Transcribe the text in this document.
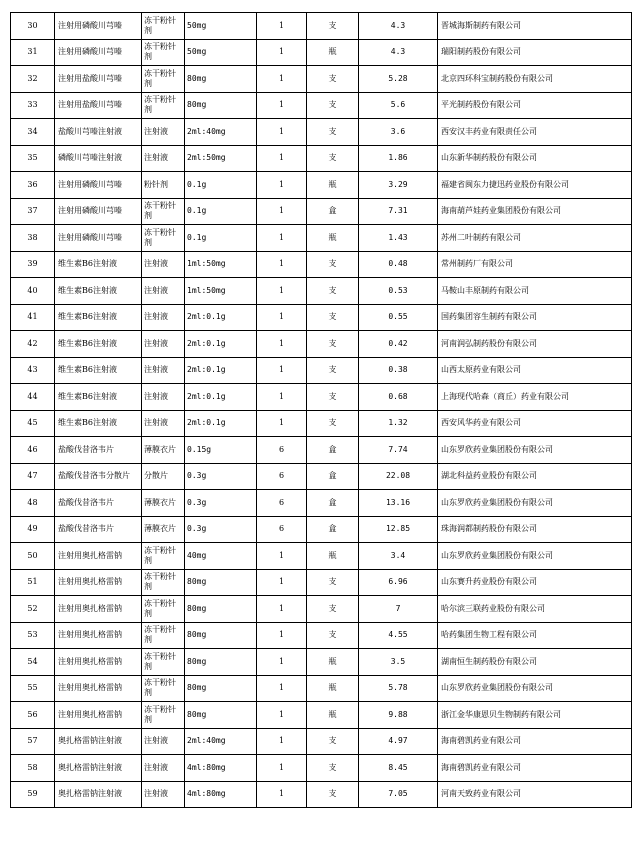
30	注射用磷酸川芎嗪	冻干粉针剂	50mg	1	支	4.3	晋城海斯制药有限公司
31	注射用磷酸川芎嗪	冻干粉针剂	50mg	1	瓶	4.3	瑞阳制药股份有限公司
32	注射用盐酸川芎嗪	冻干粉针剂	80mg	1	支	5.28	北京四环科宝制药股份有限公司
33	注射用盐酸川芎嗪	冻干粉针剂	80mg	1	支	5.6	平光制药股份有限公司
34	盐酸川芎嗪注射液	注射液	2ml:40mg	1	支	3.6	西安汉丰药业有限责任公司
35	磷酸川芎嗪注射液	注射液	2ml:50mg	1	支	1.86	山东新华制药股份有限公司
36	注射用磷酸川芎嗪	粉针剂	0.1g	1	瓶	3.29	福建省闽东力捷迅药业股份有限公司
37	注射用磷酸川芎嗪	冻干粉针剂	0.1g	1	盒	7.31	海南葫芦娃药业集团股份有限公司
38	注射用磷酸川芎嗪	冻干粉针剂	0.1g	1	瓶	1.43	苏州二叶制药有限公司
39	维生素B6注射液	注射液	1ml:50mg	1	支	0.48	常州制药厂有限公司
40	维生素B6注射液	注射液	1ml:50mg	1	支	0.53	马鞍山丰原制药有限公司
41	维生素B6注射液	注射液	2ml:0.1g	1	支	0.55	国药集团容生制药有限公司
42	维生素B6注射液	注射液	2ml:0.1g	1	支	0.42	河南润弘制药股份有限公司
43	维生素B6注射液	注射液	2ml:0.1g	1	支	0.38	山西太原药业有限公司
44	维生素B6注射液	注射液	2ml:0.1g	1	支	0.68	上海现代哈森（商丘）药业有限公司
45	维生素B6注射液	注射液	2ml:0.1g	1	支	1.32	西安风华药业有限公司
46	盐酸伐昔洛韦片	薄膜衣片	0.15g	6	盒	7.74	山东罗欣药业集团股份有限公司
47	盐酸伐昔洛韦分散片	分散片	0.3g	6	盒	22.08	湖北科益药业股份有限公司
48	盐酸伐昔洛韦片	薄膜衣片	0.3g	6	盒	13.16	山东罗欣药业集团股份有限公司
49	盐酸伐昔洛韦片	薄膜衣片	0.3g	6	盒	12.85	珠海润都制药股份有限公司
50	注射用奥扎格雷钠	冻干粉针剂	40mg	1	瓶	3.4	山东罗欣药业集团股份有限公司
51	注射用奥扎格雷钠	冻干粉针剂	80mg	1	支	6.96	山东赛升药业股份有限公司
52	注射用奥扎格雷钠	冻干粉针剂	80mg	1	支	7	哈尔滨三联药业股份有限公司
53	注射用奥扎格雷钠	冻干粉针剂	80mg	1	支	4.55	哈药集团生物工程有限公司
54	注射用奥扎格雷钠	冻干粉针剂	80mg	1	瓶	3.5	湖南恒生制药股份有限公司
55	注射用奥扎格雷钠	冻干粉针剂	80mg	1	瓶	5.78	山东罗欣药业集团股份有限公司
56	注射用奥扎格雷钠	冻干粉针剂	80mg	1	瓶	9.88	浙江金华康恩贝生物制药有限公司
57	奥扎格雷钠注射液	注射液	2ml:40mg	1	支	4.97	海南碧凯药业有限公司
58	奥扎格雷钠注射液	注射液	4ml:80mg	1	支	8.45	海南碧凯药业有限公司
59	奥扎格雷钠注射液	注射液	4ml:80mg	1	支	7.05	河南天致药业有限公司
